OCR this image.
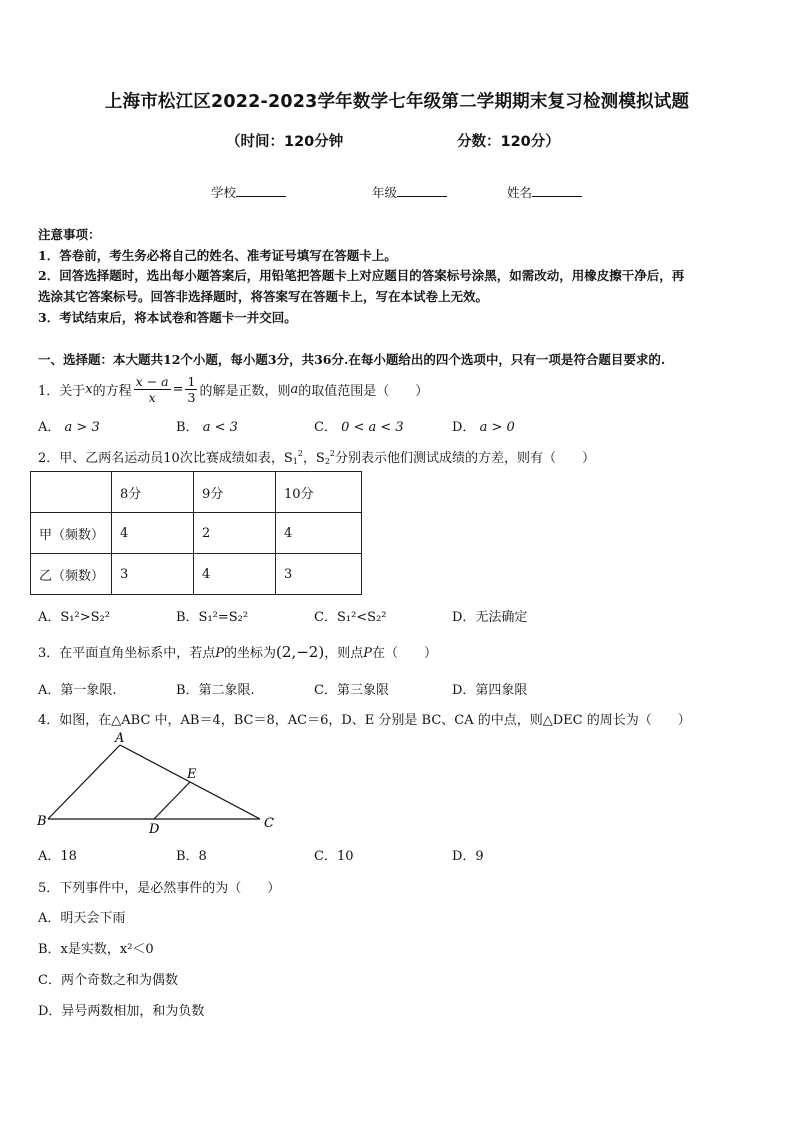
上海市松江区2022-2023学年数学七年级第二学期期末复习检测模拟试题
（时间：120分钟	分数：120分）
学校	年级	姓名
注意事项：
1．答卷前，考生务必将自己的姓名、准考证号填写在答题卡上。
2．回答选择题时，选出每小题答案后，用铅笔把答题卡上对应题目的答案标号涂黑，如需改动，用橡皮擦干净后，再
选涂其它答案标号。回答非选择题时，将答案写在答题卡上，写在本试卷上无效。
3．考试结束后，将本试卷和答题卡一并交回。
一、选择题：本大题共12个小题，每小题3分，共36分.在每小题给出的四个选项中，只有一项是符合题目要求的.
1．关于 x 的方程 $\frac{x - a}{x} = \frac{1}{3}$ 的解是正数，则 a 的取值范围是（　　）
A． a > 3	B． a < 3	C． 0 < a < 3	D． a > 0
2．甲、乙两名运动员10次比赛成绩如表，$S_1^2$，$S_2^2$分别表示他们测试成绩的方差，则有（　　）
	8分	9分	10分
甲（频数）	4	2	4
乙（频数）	3	4	3
A．S₁²>S₂²	B．S₁²=S₂²	C．S₁²<S₂²	D．无法确定
3．在平面直角坐标系中，若点P的坐标为(2,−2)，则点P在（　　）
A．第一象限.	B．第二象限.	C．第三象限	D．第四象限
4．如图，在△ABC 中，AB＝4，BC＝8，AC＝6，D、E 分别是 BC、CA 的中点，则△DEC 的周长为（　　）
A
B	C
D
E
A．18	B．8	C．10	D．9
5．下列事件中，是必然事件的为（　　）
A．明天会下雨
B．x是实数，x²＜0
C．两个奇数之和为偶数
D．异号两数相加，和为负数
